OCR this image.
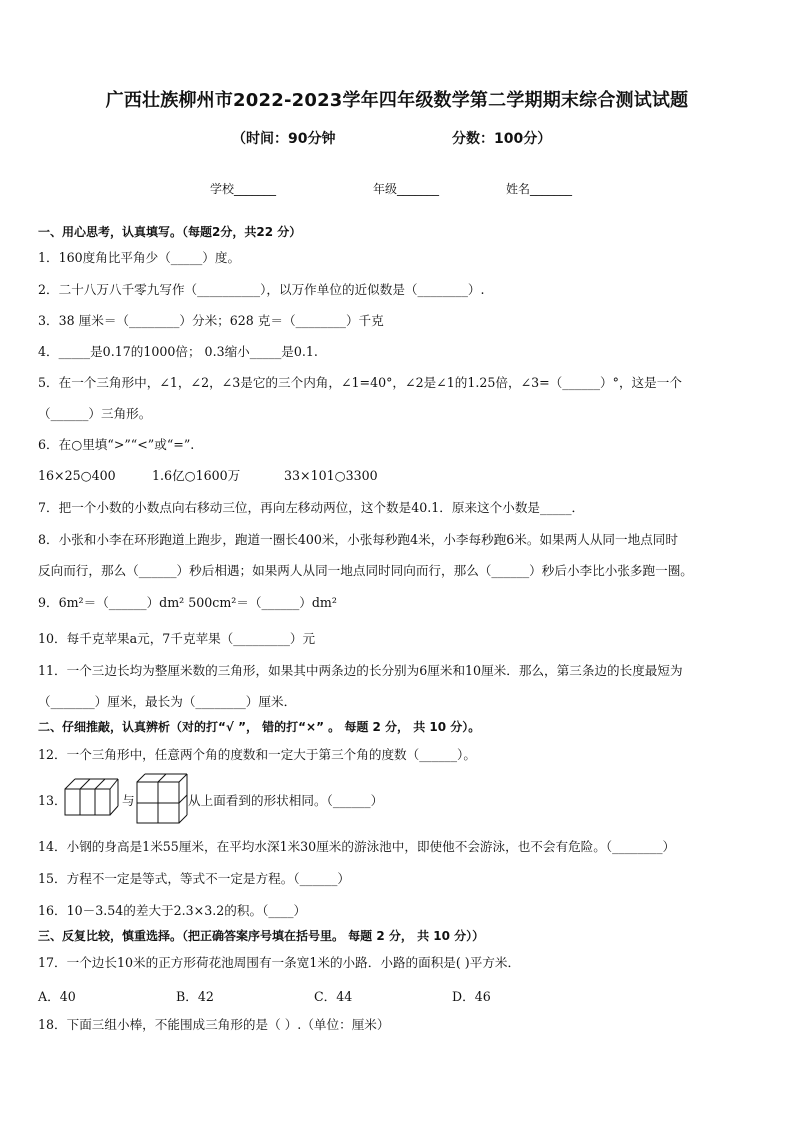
广西壮族柳州市2022-2023学年四年级数学第二学期期末综合测试试题
（时间：90分钟	分数：100分）
学校_______	年级_______	姓名_______
一、用心思考，认真填写。（每题2分，共22 分）
1．160度角比平角少（_____）度。
2．二十八万八千零九写作（__________），以万作单位的近似数是（________）.
3．38 厘米＝（________）分米；628 克＝（________）千克
4．_____是0.17的1000倍； 0.3缩小_____是0.1.
5．在一个三角形中，∠1，∠2，∠3是它的三个内角，∠1=40°，∠2是∠1的1.25倍，∠3=（______）°，这是一个
（______）三角形。
6．在○里填“>”“<”或“=”.
16×25○400	1.6亿○1600万	33×101○3300
7．把一个小数的小数点向右移动三位，再向左移动两位，这个数是40.1．原来这个小数是_____．
8．小张和小李在环形跑道上跑步，跑道一圈长400米，小张每秒跑4米，小李每秒跑6米。如果两人从同一地点同时
反向而行，那么（______）秒后相遇；如果两人从同一地点同时同向而行，那么（______）秒后小李比小张多跑一圈。
9．6m²＝（______）dm² 500cm²＝（______）dm²
10．每千克苹果a元，7千克苹果（_________）元
11．一个三边长均为整厘米数的三角形，如果其中两条边的长分别为6厘米和10厘米．那么，第三条边的长度最短为
（_______）厘米，最长为（________）厘米．
二、仔细推敲，认真辨析（对的打“√ ”， 错的打“×” 。 每题 2 分， 共 10 分）。
12．一个三角形中，任意两个角的度数和一定大于第三个角的度数（______）。
13．	与	从上面看到的形状相同。（______）
14．小钢的身高是1米55厘米，在平均水深1米30厘米的游泳池中，即使他不会游泳，也不会有危险。（________）
15．方程不一定是等式，等式不一定是方程。（______）
16．10－3.54的差大于2.3×3.2的积。（____）
三、反复比较，慎重选择。（把正确答案序号填在括号里。 每题 2 分， 共 10 分））
17．一个边长10米的正方形荷花池周围有一条宽1米的小路．小路的面积是( )平方米．
A．40	B．42	C．44	D．46
18．下面三组小棒，不能围成三角形的是（ ）.（单位：厘米）
